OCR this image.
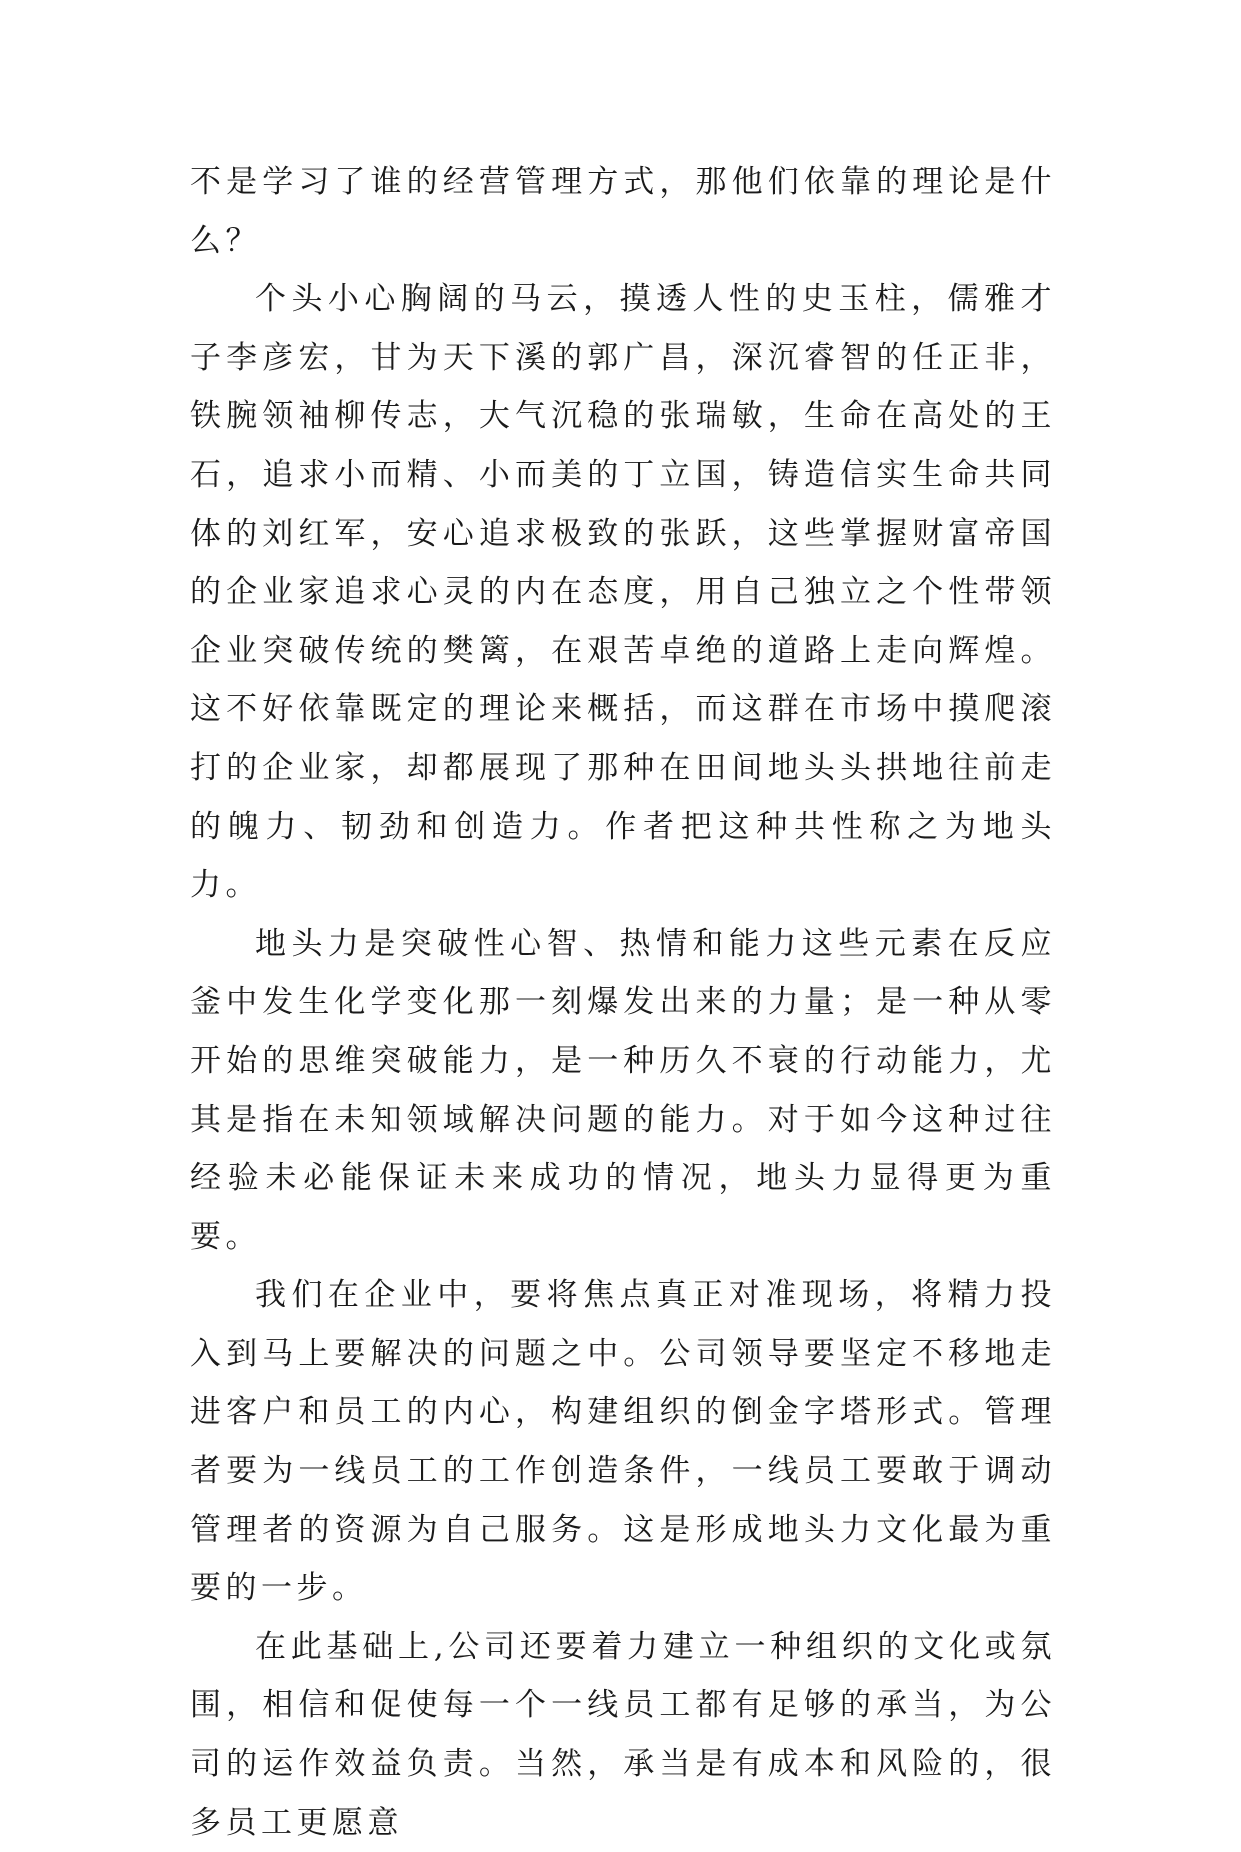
不是学习了谁的经营管理方式，那他们依靠的理论是什么？

个头小心胸阔的马云，摸透人性的史玉柱，儒雅才子李彦宏，甘为天下溪的郭广昌，深沉睿智的任正非，铁腕领袖柳传志，大气沉稳的张瑞敏，生命在高处的王石，追求小而精、小而美的丁立国，铸造信实生命共同体的刘红军，安心追求极致的张跃，这些掌握财富帝国的企业家追求心灵的内在态度，用自己独立之个性带领企业突破传统的樊篱，在艰苦卓绝的道路上走向辉煌。这不好依靠既定的理论来概括，而这群在市场中摸爬滚打的企业家，却都展现了那种在田间地头头拱地往前走的魄力、韧劲和创造力。作者把这种共性称之为地头力。

地头力是突破性心智、热情和能力这些元素在反应釜中发生化学变化那一刻爆发出来的力量；是一种从零开始的思维突破能力，是一种历久不衰的行动能力，尤其是指在未知领域解决问题的能力。对于如今这种过往经验未必能保证未来成功的情况，地头力显得更为重要。

我们在企业中，要将焦点真正对准现场，将精力投入到马上要解决的问题之中。公司领导要坚定不移地走进客户和员工的内心，构建组织的倒金字塔形式。管理者要为一线员工的工作创造条件，一线员工要敢于调动管理者的资源为自己服务。这是形成地头力文化最为重要的一步。

在此基础上,公司还要着力建立一种组织的文化或氛围，相信和促使每一个一线员工都有足够的承当，为公司的运作效益负责。当然，承当是有成本和风险的，很多员工更愿意
